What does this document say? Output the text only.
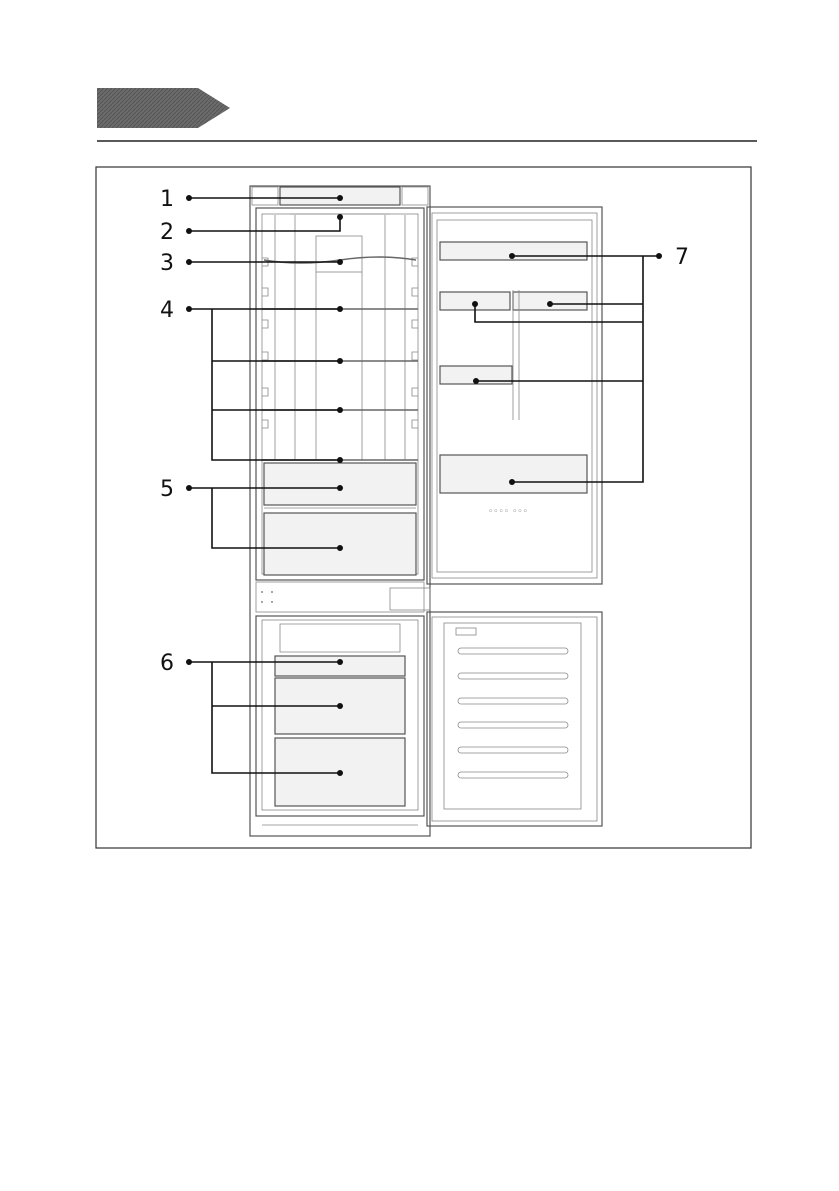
◦◦◦◦ ◦◦◦
1
2
3
4
5
6
7
